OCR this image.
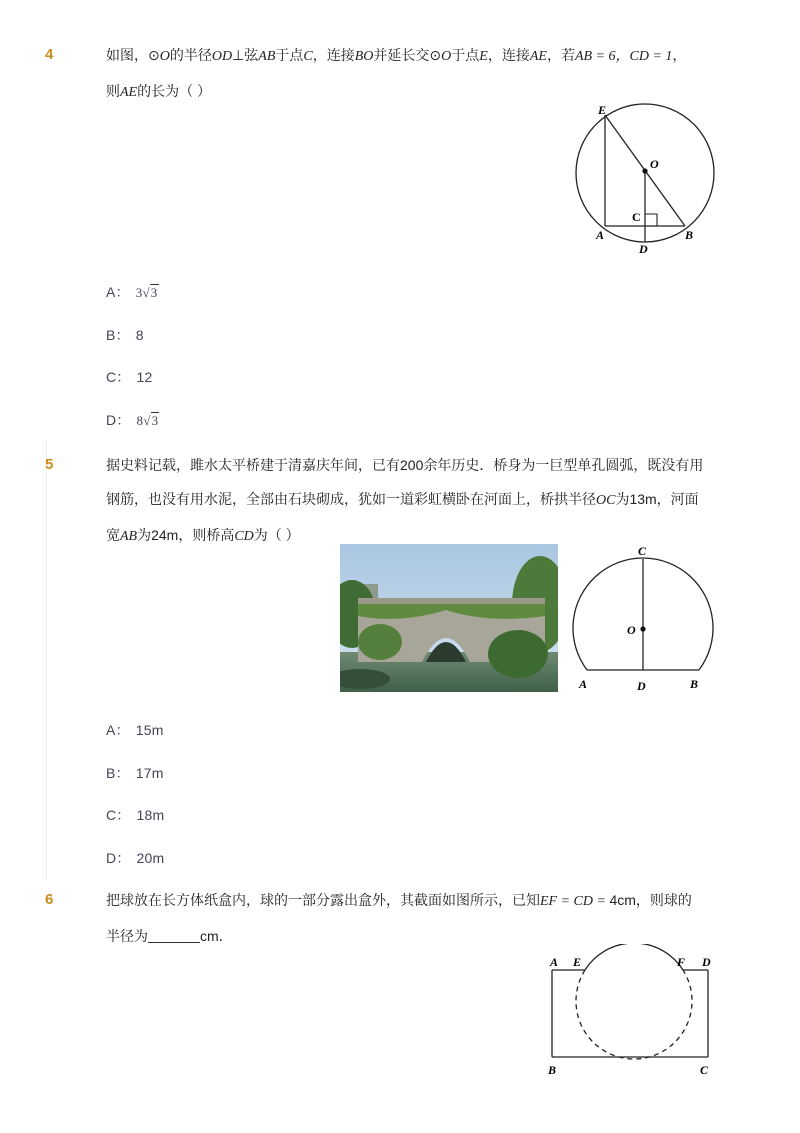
4	如图，⊙O的半径OD⊥弦AB于点C，连接BO并延长交⊙O于点E，连接AE，若AB = 6，CD = 1，
则AE的长为（ ）
E
O
C
A
D
B
A： 3√3
B： 8
C： 12
D： 8√3
5	据史料记载，雎水太平桥建于清嘉庆年间，已有200余年历史．桥身为一巨型单孔圆弧，既没有用
钢筋，也没有用水泥，全部由石块砌成，犹如一道彩虹横卧在河面上，桥拱半径OC为13m，河面
宽AB为24m，则桥高CD为（ ）
C
O
A	D	B
A： 15m
B： 17m
C： 18m
D： 20m
6	把球放在长方体纸盒内，球的一部分露出盒外，其截面如图所示，已知EF = CD = 4cm，则球的
半径为	cm．
A E	F D
B	C
